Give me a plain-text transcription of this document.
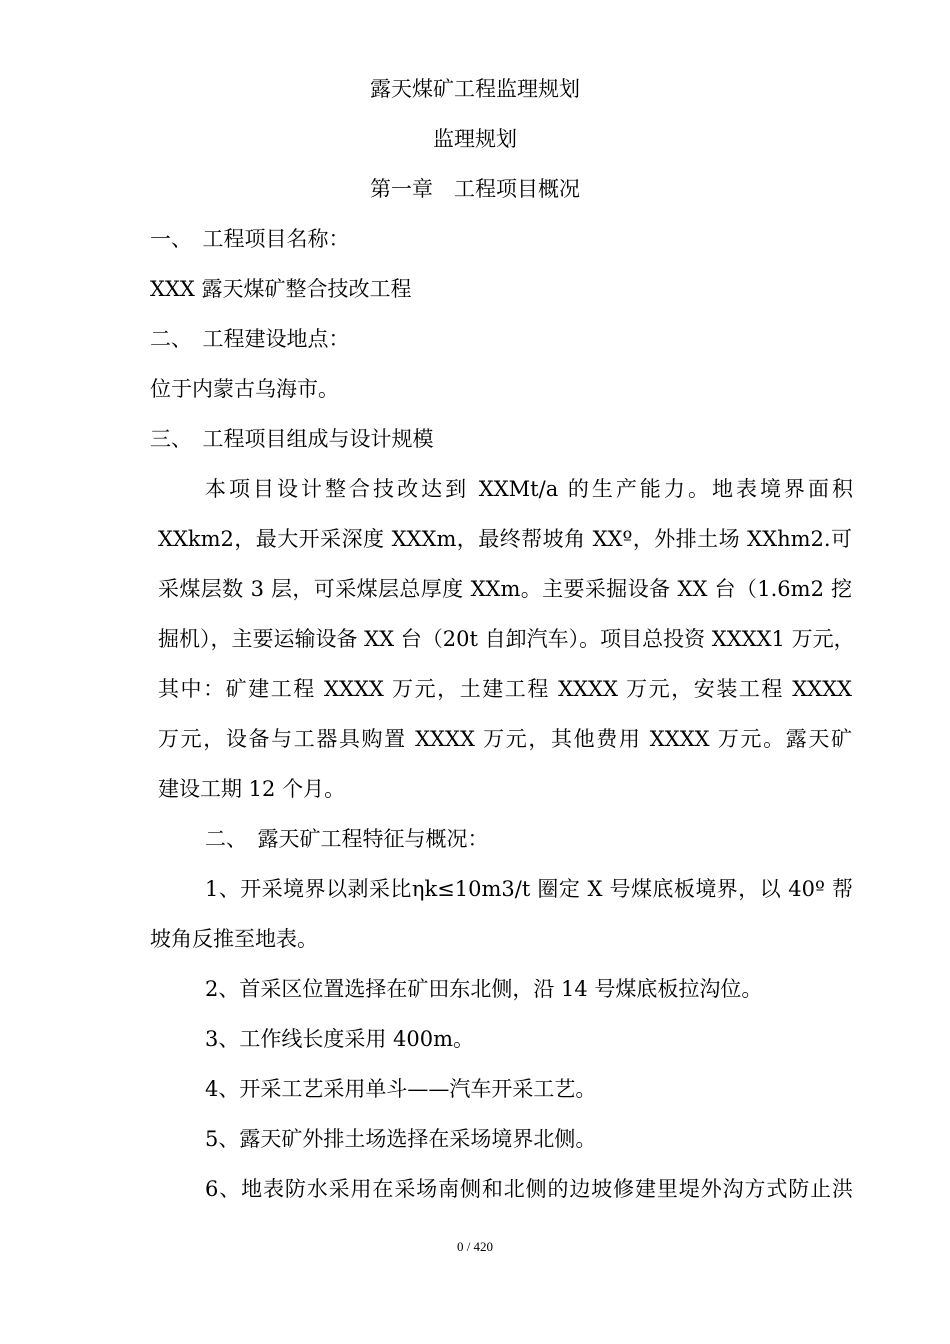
露天煤矿工程监理规划
监理规划
第一章　工程项目概况
一、　工程项目名称：
XXX 露天煤矿整合技改工程
二、　工程建设地点：
位于内蒙古乌海市。
三、　工程项目组成与设计规模
本项目设计整合技改达到 XXMt/a 的生产能力。地表境界面积
XXkm2，最大开采深度 XXXm，最终帮坡角 XXº，外排土场 XXhm2.可
采煤层数 3 层，可采煤层总厚度 XXm。主要采掘设备 XX 台（1.6m2 挖
掘机），主要运输设备 XX 台（20t 自卸汽车）。项目总投资 XXXX1 万元，
其中：矿建工程 XXXX 万元，土建工程 XXXX 万元，安装工程 XXXX
万元，设备与工器具购置 XXXX 万元，其他费用 XXXX 万元。露天矿
建设工期 12 个月。
二、　露天矿工程特征与概况：
1、开采境界以剥采比ηk≤10m3/t 圈定 X 号煤底板境界，以 40º 帮
坡角反推至地表。
2、首采区位置选择在矿田东北侧，沿 14 号煤底板拉沟位。
3、工作线长度采用 400m。
4、开采工艺采用单斗——汽车开采工艺。
5、露天矿外排土场选择在采场境界北侧。
6、地表防水采用在采场南侧和北侧的边坡修建里堤外沟方式防止洪
0 / 420
